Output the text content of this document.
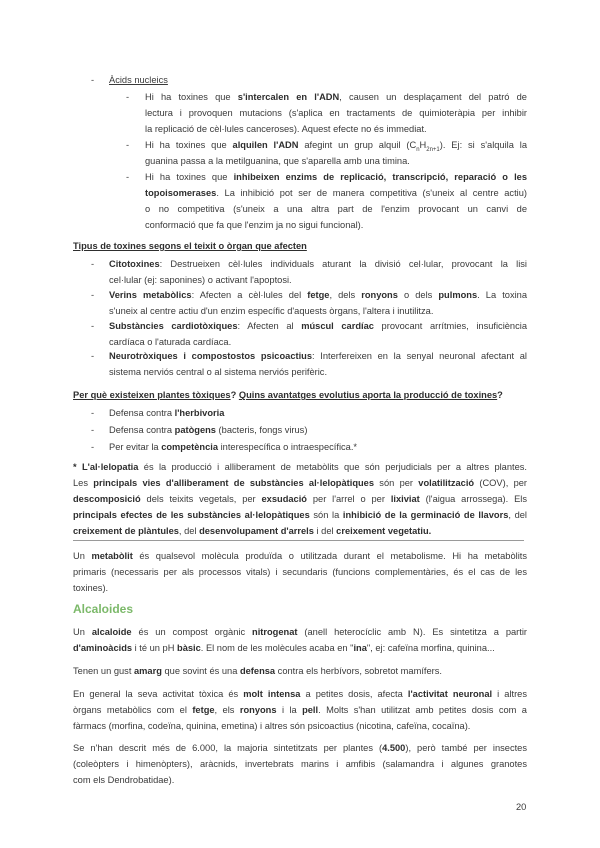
- Àcids nucleics
- Hi ha toxines que s'intercalen en l'ADN, causen un desplaçament del patró de
lectura i provoquen mutacions (s'aplica en tractaments de quimioteràpia per inhibir
la replicació de cèl·lules canceroses). Aquest efecte no és immediat.
- Hi ha toxines que alquilen l'ADN afegint un grup alquil $(C_nH_{2n+1})$. Ej: si s'alquila la
guanina passa a la metilguanina, que s'aparella amb una timina.
- Hi ha toxines que inhibeixen enzims de replicació, transcripció, reparació o les
topoisomerases. La inhibició pot ser de manera competitiva (s'uneix al centre actiu)
o no competitiva (s'uneix a una altra part de l'enzim provocant un canvi de
conformació que fa que l'enzim ja no sigui funcional).
Tipus de toxines segons el teixit o òrgan que afecten
- Citotoxines: Destrueixen cèl·lules individuals aturant la divisió cel·lular, provocant la lisi
cel·lular (ej: saponines) o activant l'apoptosi.
- Verins metabòlics: Afecten a cèl·lules del fetge, dels ronyons o dels pulmons. La toxina
s'uneix al centre actiu d'un enzim específic d'aquests òrgans, l'altera i inutilitza.
- Substàncies cardiotòxiques: Afecten al múscul cardíac provocant arrítmies, insuficiència
cardíaca o l'aturada cardíaca.
- Neurotròxiques i compostostos psicoactius: Interfereixen en la senyal neuronal afectant al
sistema nerviós central o al sistema nerviós perifèric.
Per què existeixen plantes tòxiques? Quins avantatges evolutius aporta la producció de toxines?
- Defensa contra l'herbivoria
- Defensa contra patògens (bacteris, fongs virus)
- Per evitar la competència interespecífica o intraespecífica.*
* L'al·lelopatia és la producció i alliberament de metabòlits que són perjudicials per a altres plantes.
Les principals vies d'alliberament de substàncies al·lelopàtiques són per volatilització (COV), per
descomposició dels teixits vegetals, per exsudació per l'arrel o per lixiviat (l'aigua arrossega). Els
principals efectes de les substàncies al·lelopàtiques són la inhibició de la germinació de llavors, del
creixement de plàntules, del desenvolupament d'arrels i del creixement vegetatiu.
Un metabòlit és qualsevol molècula produïda o utilitzada durant el metabolisme. Hi ha metabòlits
primaris (necessaris per als processos vitals) i secundaris (funcions complementàries, és el cas de les
toxines).
Alcaloides
Un alcaloide és un compost orgànic nitrogenat (anell heterocíclic amb N). Es sintetitza a partir
d'aminoàcids i té un pH bàsic. El nom de les molècules acaba en "ina", ej: cafeïna morfina, quinina...
Tenen un gust amarg que sovint és una defensa contra els herbívors, sobretot mamífers.
En general la seva activitat tòxica és molt intensa a petites dosis, afecta l'activitat neuronal i altres
òrgans metabòlics com el fetge, els ronyons i la pell. Molts s'han utilitzat amb petites dosis com a
fàrmacs (morfina, codeïna, quinina, emetina) i altres són psicoactius (nicotina, cafeïna, cocaïna).
Se n'han descrit més de 6.000, la majoria sintetitzats per plantes (4.500), però també per insectes
(coleòpters i himenòpters), aràcnids, invertebrats marins i amfibis (salamandra i algunes granotes
com els Dendrobatidae).
20
